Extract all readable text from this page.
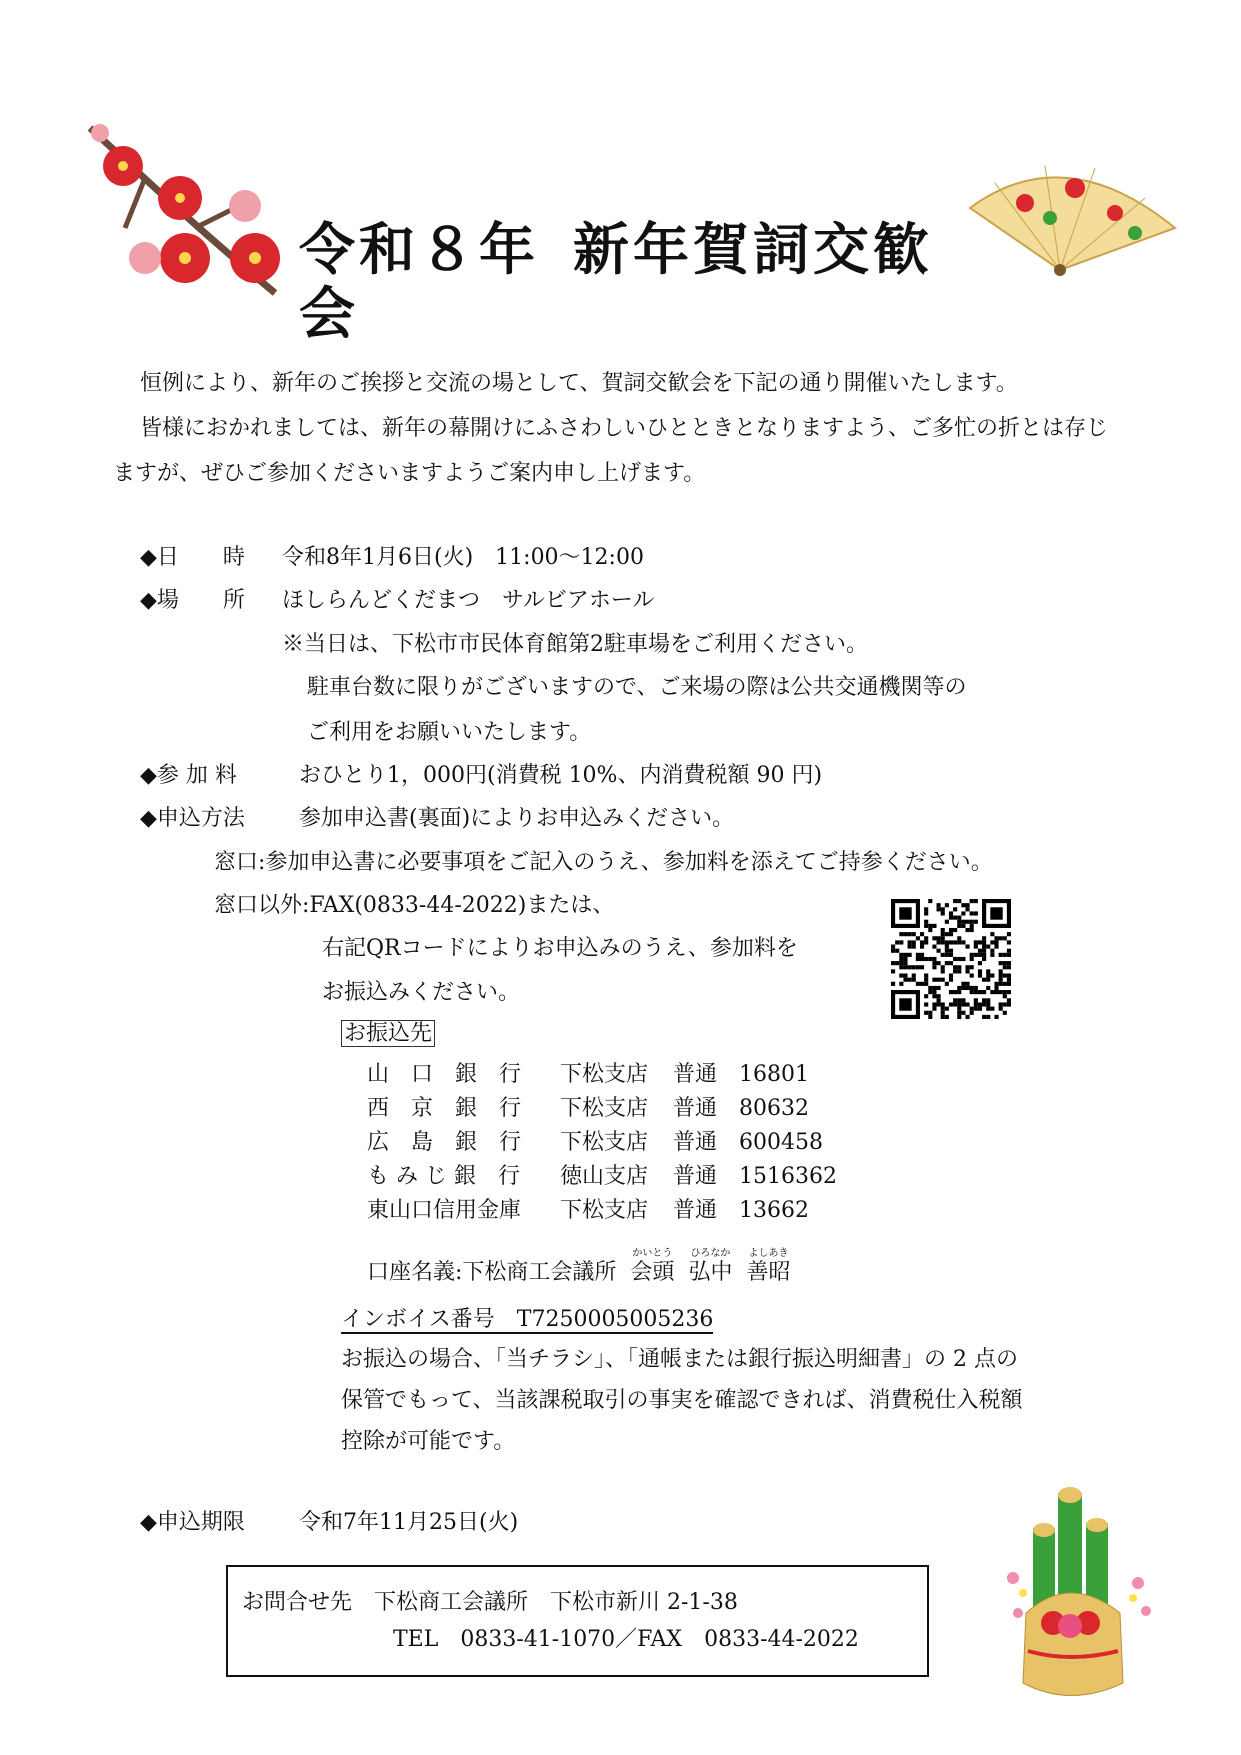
令和８年 新年賀詞交歓会
恒例により、新年のご挨拶と交流の場として、賀詞交歓会を下記の通り開催いたします。
皆様におかれましては、新年の幕開けにふさわしいひとときとなりますよう、ご多忙の折とは存じ
ますが、ぜひご参加くださいますようご案内申し上げます。
◆日　　時 令和8年1月6日(火)　11:00～12:00
◆場　　所 ほしらんどくだまつ　サルビアホール
※当日は、下松市市民体育館第2駐車場をご利用ください。
駐車台数に限りがございますので、ご来場の際は公共交通機関等の
ご利用をお願いいたします。
◆参 加 料	おひとり1，000円(消費税 10%、内消費税額 90 円)
◆申込方法 参加申込書(裏面)によりお申込みください。
窓口:参加申込書に必要事項をご記入のうえ、参加料を添えてご持参ください。
窓口以外:FAX(0833-44-2022)または、
右記QRコードによりお申込みのうえ、参加料を
お振込みください。
お振込先
山　口　銀　行 下松支店 普通 16801
西　京　銀　行 下松支店 普通 80632
広　島　銀　行 下松支店 普通 600458
も み じ 銀　行 徳山支店 普通 1516362
東山口信用金庫 下松支店 普通 13662
口座名義:下松商工会議所
かいとう
会頭
ひろなか
弘中
よしあき
善昭
インボイス番号　T7250005005236
お振込の場合、「当チラシ」、「通帳または銀行振込明細書」の 2 点の
保管でもって、当該課税取引の事実を確認できれば、消費税仕入税額
控除が可能です。
◆申込期限 令和7年11月25日(火)
お問合せ先　下松商工会議所　下松市新川 2-1-38
TEL　0833-41-1070／FAX　0833-44-2022
